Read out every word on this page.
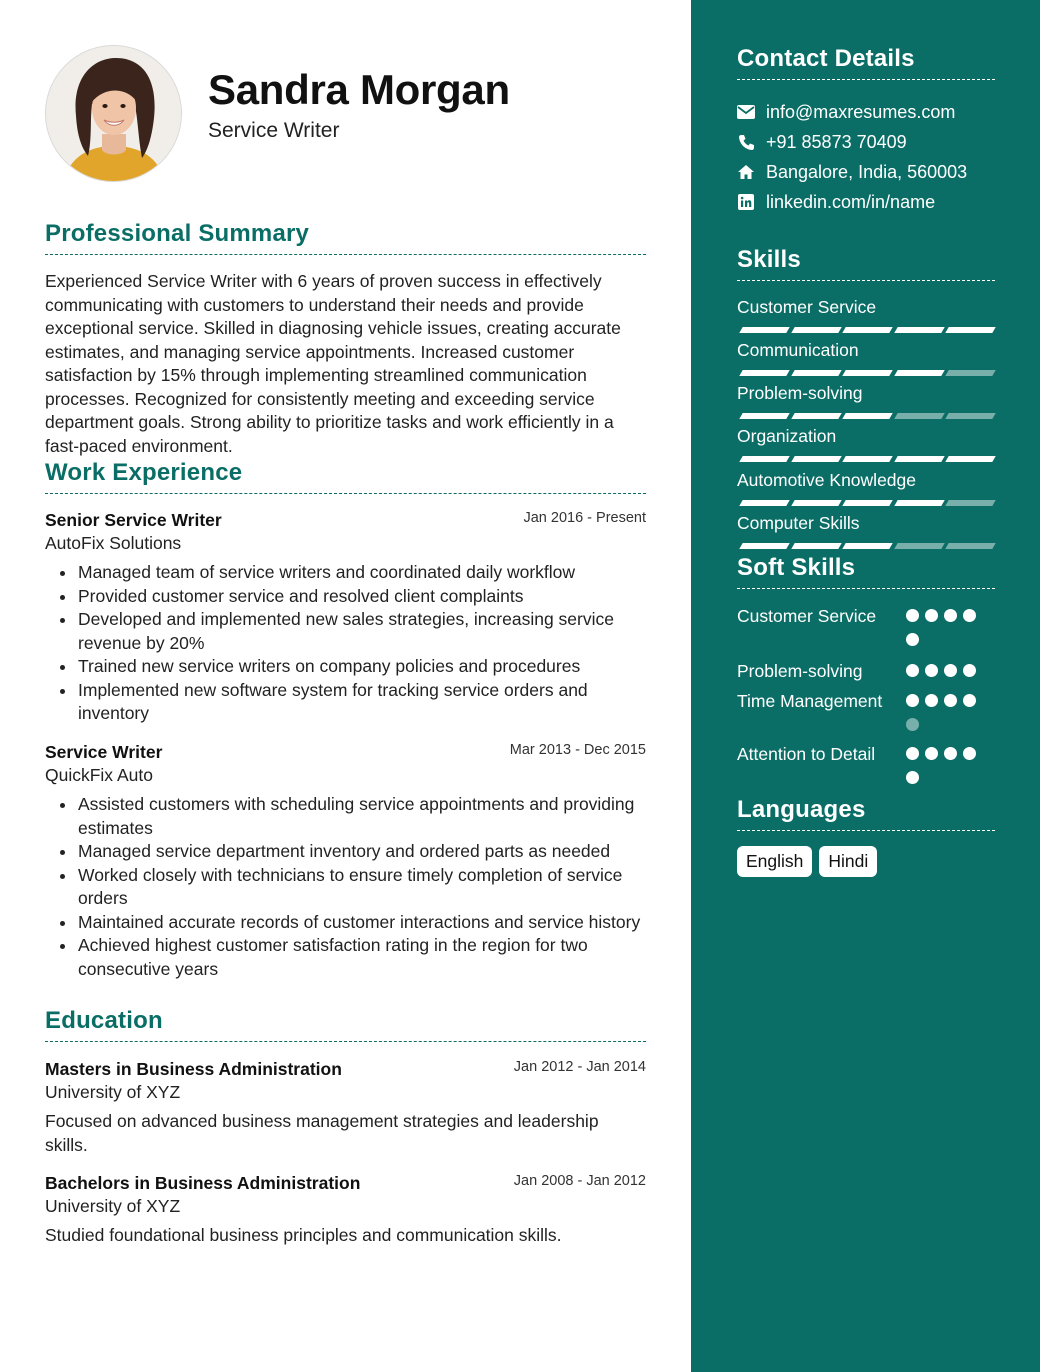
Sandra Morgan
Service Writer
Professional Summary
Experienced Service Writer with 6 years of proven success in effectively communicating with customers to understand their needs and provide exceptional service. Skilled in diagnosing vehicle issues, creating accurate estimates, and managing service appointments. Increased customer satisfaction by 15% through implementing streamlined communication processes. Recognized for consistently meeting and exceeding service department goals. Strong ability to prioritize tasks and work efficiently in a fast-paced environment.
Work Experience
Senior Service Writer	Jan 2016 - Present
AutoFix Solutions
Managed team of service writers and coordinated daily workflow
Provided customer service and resolved client complaints
Developed and implemented new sales strategies, increasing service revenue by 20%
Trained new service writers on company policies and procedures
Implemented new software system for tracking service orders and inventory
Service Writer	Mar 2013 - Dec 2015
QuickFix Auto
Assisted customers with scheduling service appointments and providing estimates
Managed service department inventory and ordered parts as needed
Worked closely with technicians to ensure timely completion of service orders
Maintained accurate records of customer interactions and service history
Achieved highest customer satisfaction rating in the region for two consecutive years
Education
Masters in Business Administration	Jan 2012 - Jan 2014
University of XYZ
Focused on advanced business management strategies and leadership skills.
Bachelors in Business Administration	Jan 2008 - Jan 2012
University of XYZ
Studied foundational business principles and communication skills.
Contact Details
info@maxresumes.com
+91 85873 70409
Bangalore, India, 560003
linkedin.com/in/name
Skills
Customer Service
Communication
Problem-solving
Organization
Automotive Knowledge
Computer Skills
Soft Skills
Customer Service
Problem-solving
Time Management
Attention to Detail
Languages
English	Hindi
